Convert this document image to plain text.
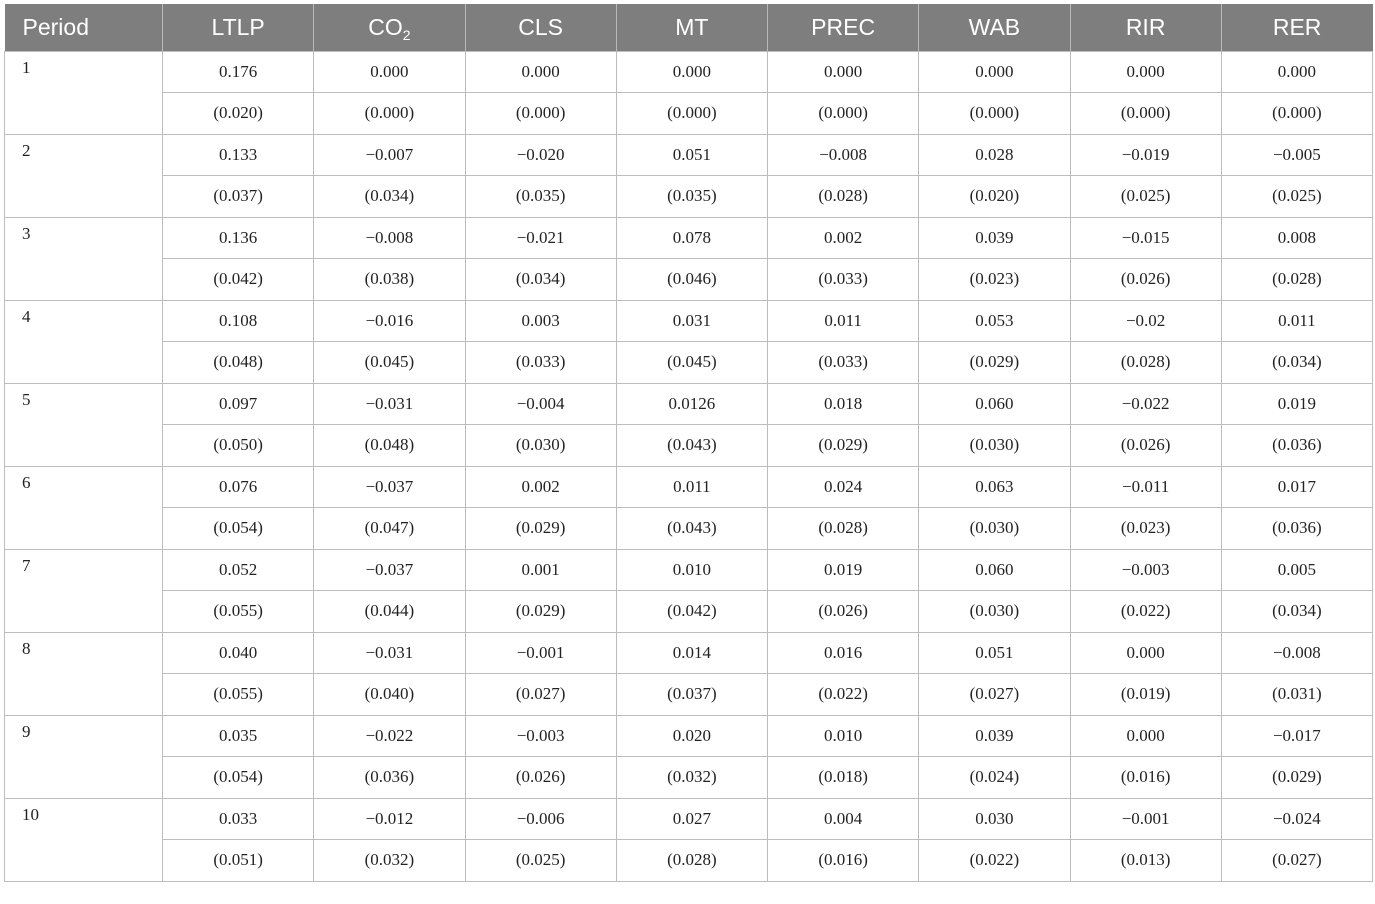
Period	LTLP	$CO_2$	CLS	MT	PREC	WAB	RIR	RER
1	0.176	0.000	0.000	0.000	0.000	0.000	0.000	0.000
	(0.020)	(0.000)	(0.000)	(0.000)	(0.000)	(0.000)	(0.000)	(0.000)
2	0.133	−0.007	−0.020	0.051	−0.008	0.028	−0.019	−0.005
	(0.037)	(0.034)	(0.035)	(0.035)	(0.028)	(0.020)	(0.025)	(0.025)
3	0.136	−0.008	−0.021	0.078	0.002	0.039	−0.015	0.008
	(0.042)	(0.038)	(0.034)	(0.046)	(0.033)	(0.023)	(0.026)	(0.028)
4	0.108	−0.016	0.003	0.031	0.011	0.053	−0.02	0.011
	(0.048)	(0.045)	(0.033)	(0.045)	(0.033)	(0.029)	(0.028)	(0.034)
5	0.097	−0.031	−0.004	0.0126	0.018	0.060	−0.022	0.019
	(0.050)	(0.048)	(0.030)	(0.043)	(0.029)	(0.030)	(0.026)	(0.036)
6	0.076	−0.037	0.002	0.011	0.024	0.063	−0.011	0.017
	(0.054)	(0.047)	(0.029)	(0.043)	(0.028)	(0.030)	(0.023)	(0.036)
7	0.052	−0.037	0.001	0.010	0.019	0.060	−0.003	0.005
	(0.055)	(0.044)	(0.029)	(0.042)	(0.026)	(0.030)	(0.022)	(0.034)
8	0.040	−0.031	−0.001	0.014	0.016	0.051	0.000	−0.008
	(0.055)	(0.040)	(0.027)	(0.037)	(0.022)	(0.027)	(0.019)	(0.031)
9	0.035	−0.022	−0.003	0.020	0.010	0.039	0.000	−0.017
	(0.054)	(0.036)	(0.026)	(0.032)	(0.018)	(0.024)	(0.016)	(0.029)
10	0.033	−0.012	−0.006	0.027	0.004	0.030	−0.001	−0.024
	(0.051)	(0.032)	(0.025)	(0.028)	(0.016)	(0.022)	(0.013)	(0.027)
